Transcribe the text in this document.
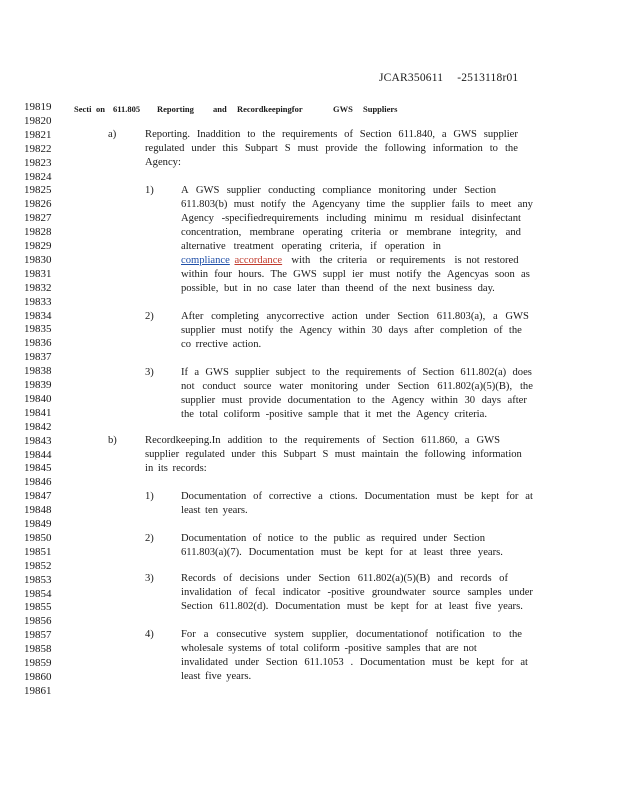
JCAR350611 -2513118r01
19819
19820
19821
19822
19823
19824
19825
19826
19827
19828
19829
19830
19831
19832
19833
19834
19835
19836
19837
19838
19839
19840
19841
19842
19843
19844
19845
19846
19847
19848
19849
19850
19851
19852
19853
19854
19855
19856
19857
19858
19859
19860
19861
Secti on 611.805 Reporting and Recordkeepingfor	GWS Suppliers
a)	Reporting. Inaddition to the requirements of Section 611.840, a GWS supplier
regulated under this Subpart S must provide the following information to the
Agency:
1)	A GWS supplier conducting compliance monitoring under Section
611.803(b) must notify the Agencyany time the supplier fails to meet any
Agency -specifiedrequirements including minimu m residual disinfectant
concentration, membrane operating criteria or membrane integrity, and
alternative treatment operating criteria, if operation in
compliance accordance  with  the criteria  or requirements  is not restored
within four hours. The GWS suppl ier must notify the Agencyas soon as
possible, but in no case later than theend of the next business day.
2)	After completing anycorrective action under Section 611.803(a), a GWS
supplier must notify the Agency within 30 days after completion of the
co rrective action.
3)	If a GWS supplier subject to the requirements of Section 611.802(a) does
not conduct source water monitoring under Section 611.802(a)(5)(B), the
supplier must provide documentation to the Agency within 30 days after
the total coliform -positive sample that it met the Agency criteria.
b)	Recordkeeping.In addition to the requirements of Section 611.860, a GWS
supplier regulated under this Subpart S must maintain the following information
in its records:
1)	Documentation of corrective a ctions. Documentation must be kept for at
least ten years.
2)	Documentation of notice to the public as required under Section
611.803(a)(7). Documentation must be kept for at least three years.
3)	Records of decisions under Section 611.802(a)(5)(B) and records of
invalidation of fecal indicator -positive groundwater source samples under
Section 611.802(d). Documentation must be kept for at least five years.
4)	For a consecutive system supplier, documentationof notification to the
wholesale systems of total coliform -positive samples that are not
invalidated under Section 611.1053 . Documentation must be kept for at
least five years.
